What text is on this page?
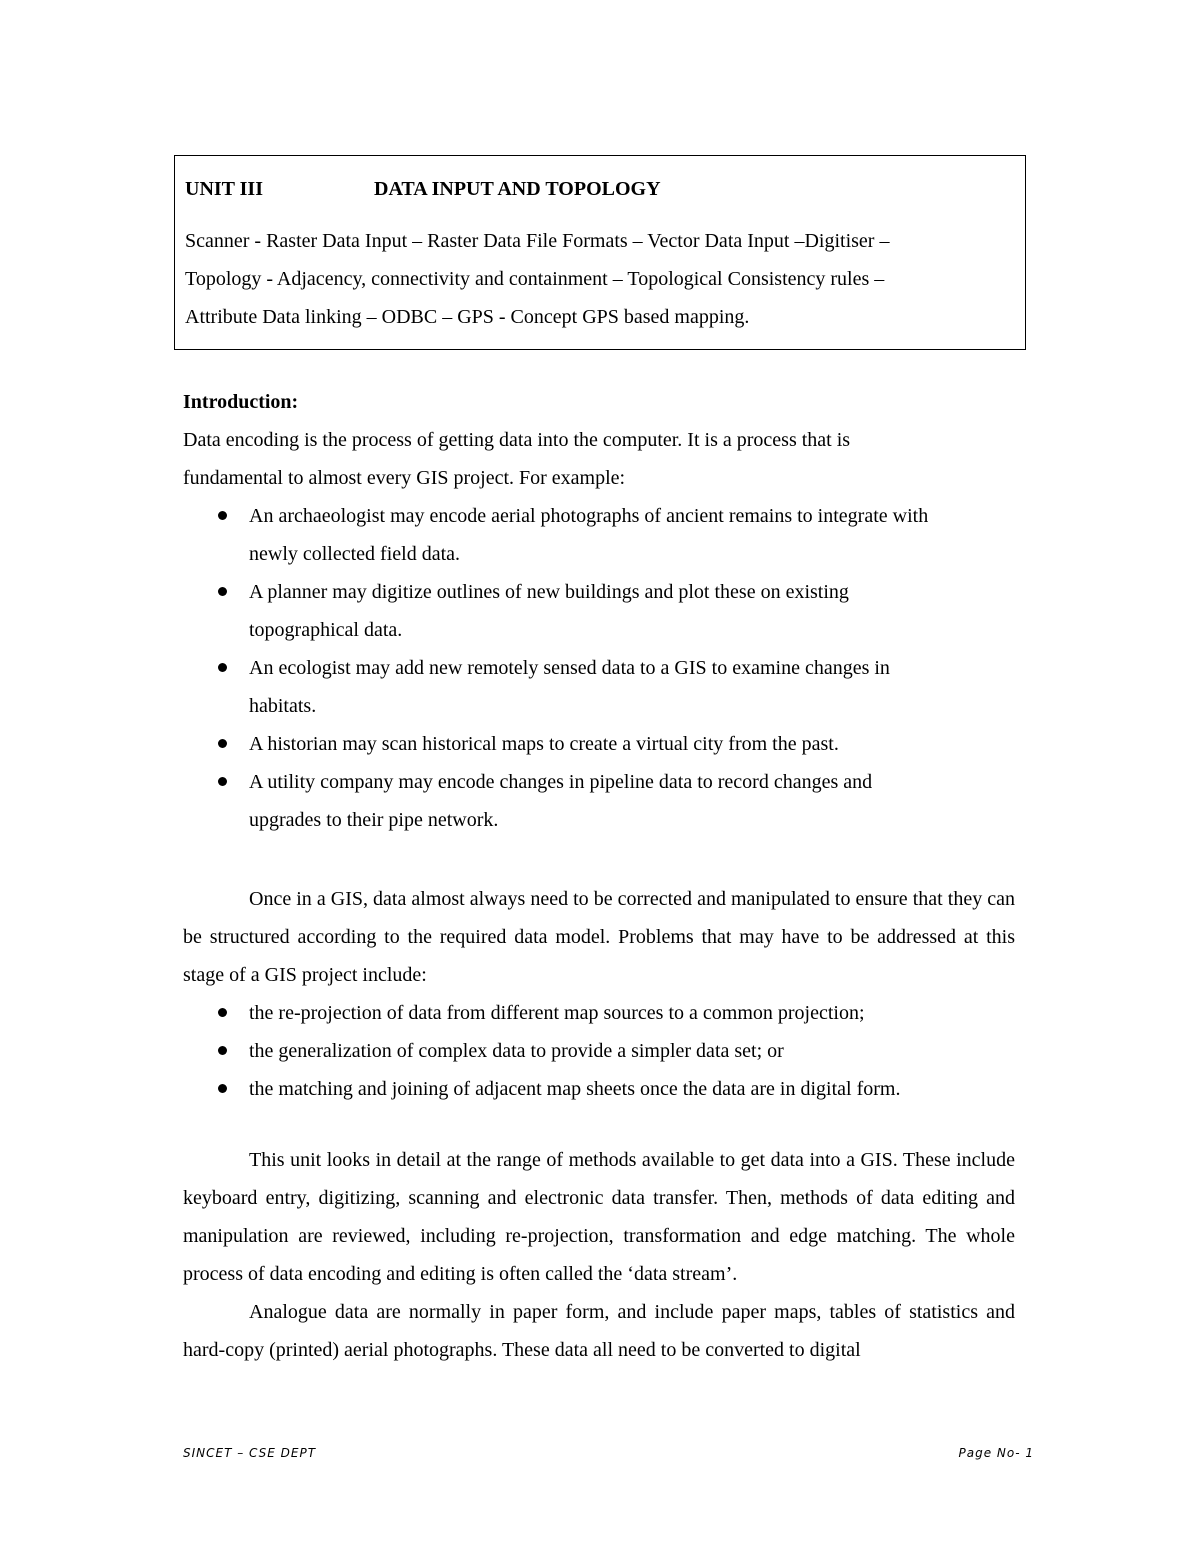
UNIT III	DATA INPUT AND TOPOLOGY
Scanner - Raster Data Input – Raster Data File Formats – Vector Data Input –Digitiser –
Topology - Adjacency, connectivity and containment – Topological Consistency rules –
Attribute Data linking – ODBC – GPS - Concept GPS based mapping.
Introduction:

Data encoding is the process of getting data into the computer. It is a process that is fundamental to almost every GIS project. For example:

An archaeologist may encode aerial photographs of ancient remains to integrate with newly collected field data.
A planner may digitize outlines of new buildings and plot these on existing topographical data.
An ecologist may add new remotely sensed data to a GIS to examine changes in habitats.
A historian may scan historical maps to create a virtual city from the past.
A utility company may encode changes in pipeline data to record changes and upgrades to their pipe network.

Once in a GIS, data almost always need to be corrected and manipulated to ensure that they can be structured according to the required data model. Problems that may have to be addressed at this stage of a GIS project include:

the re-projection of data from different map sources to a common projection;
the generalization of complex data to provide a simpler data set; or
the matching and joining of adjacent map sheets once the data are in digital form.

This unit looks in detail at the range of methods available to get data into a GIS. These include keyboard entry, digitizing, scanning and electronic data transfer. Then, methods of data editing and manipulation are reviewed, including re-projection, transformation and edge matching. The whole process of data encoding and editing is often called the ‘data stream’.

Analogue data are normally in paper form, and include paper maps, tables of statistics and hard-copy (printed) aerial photographs. These data all need to be converted to digital

SINCET – CSE DEPT	Page No- 1
